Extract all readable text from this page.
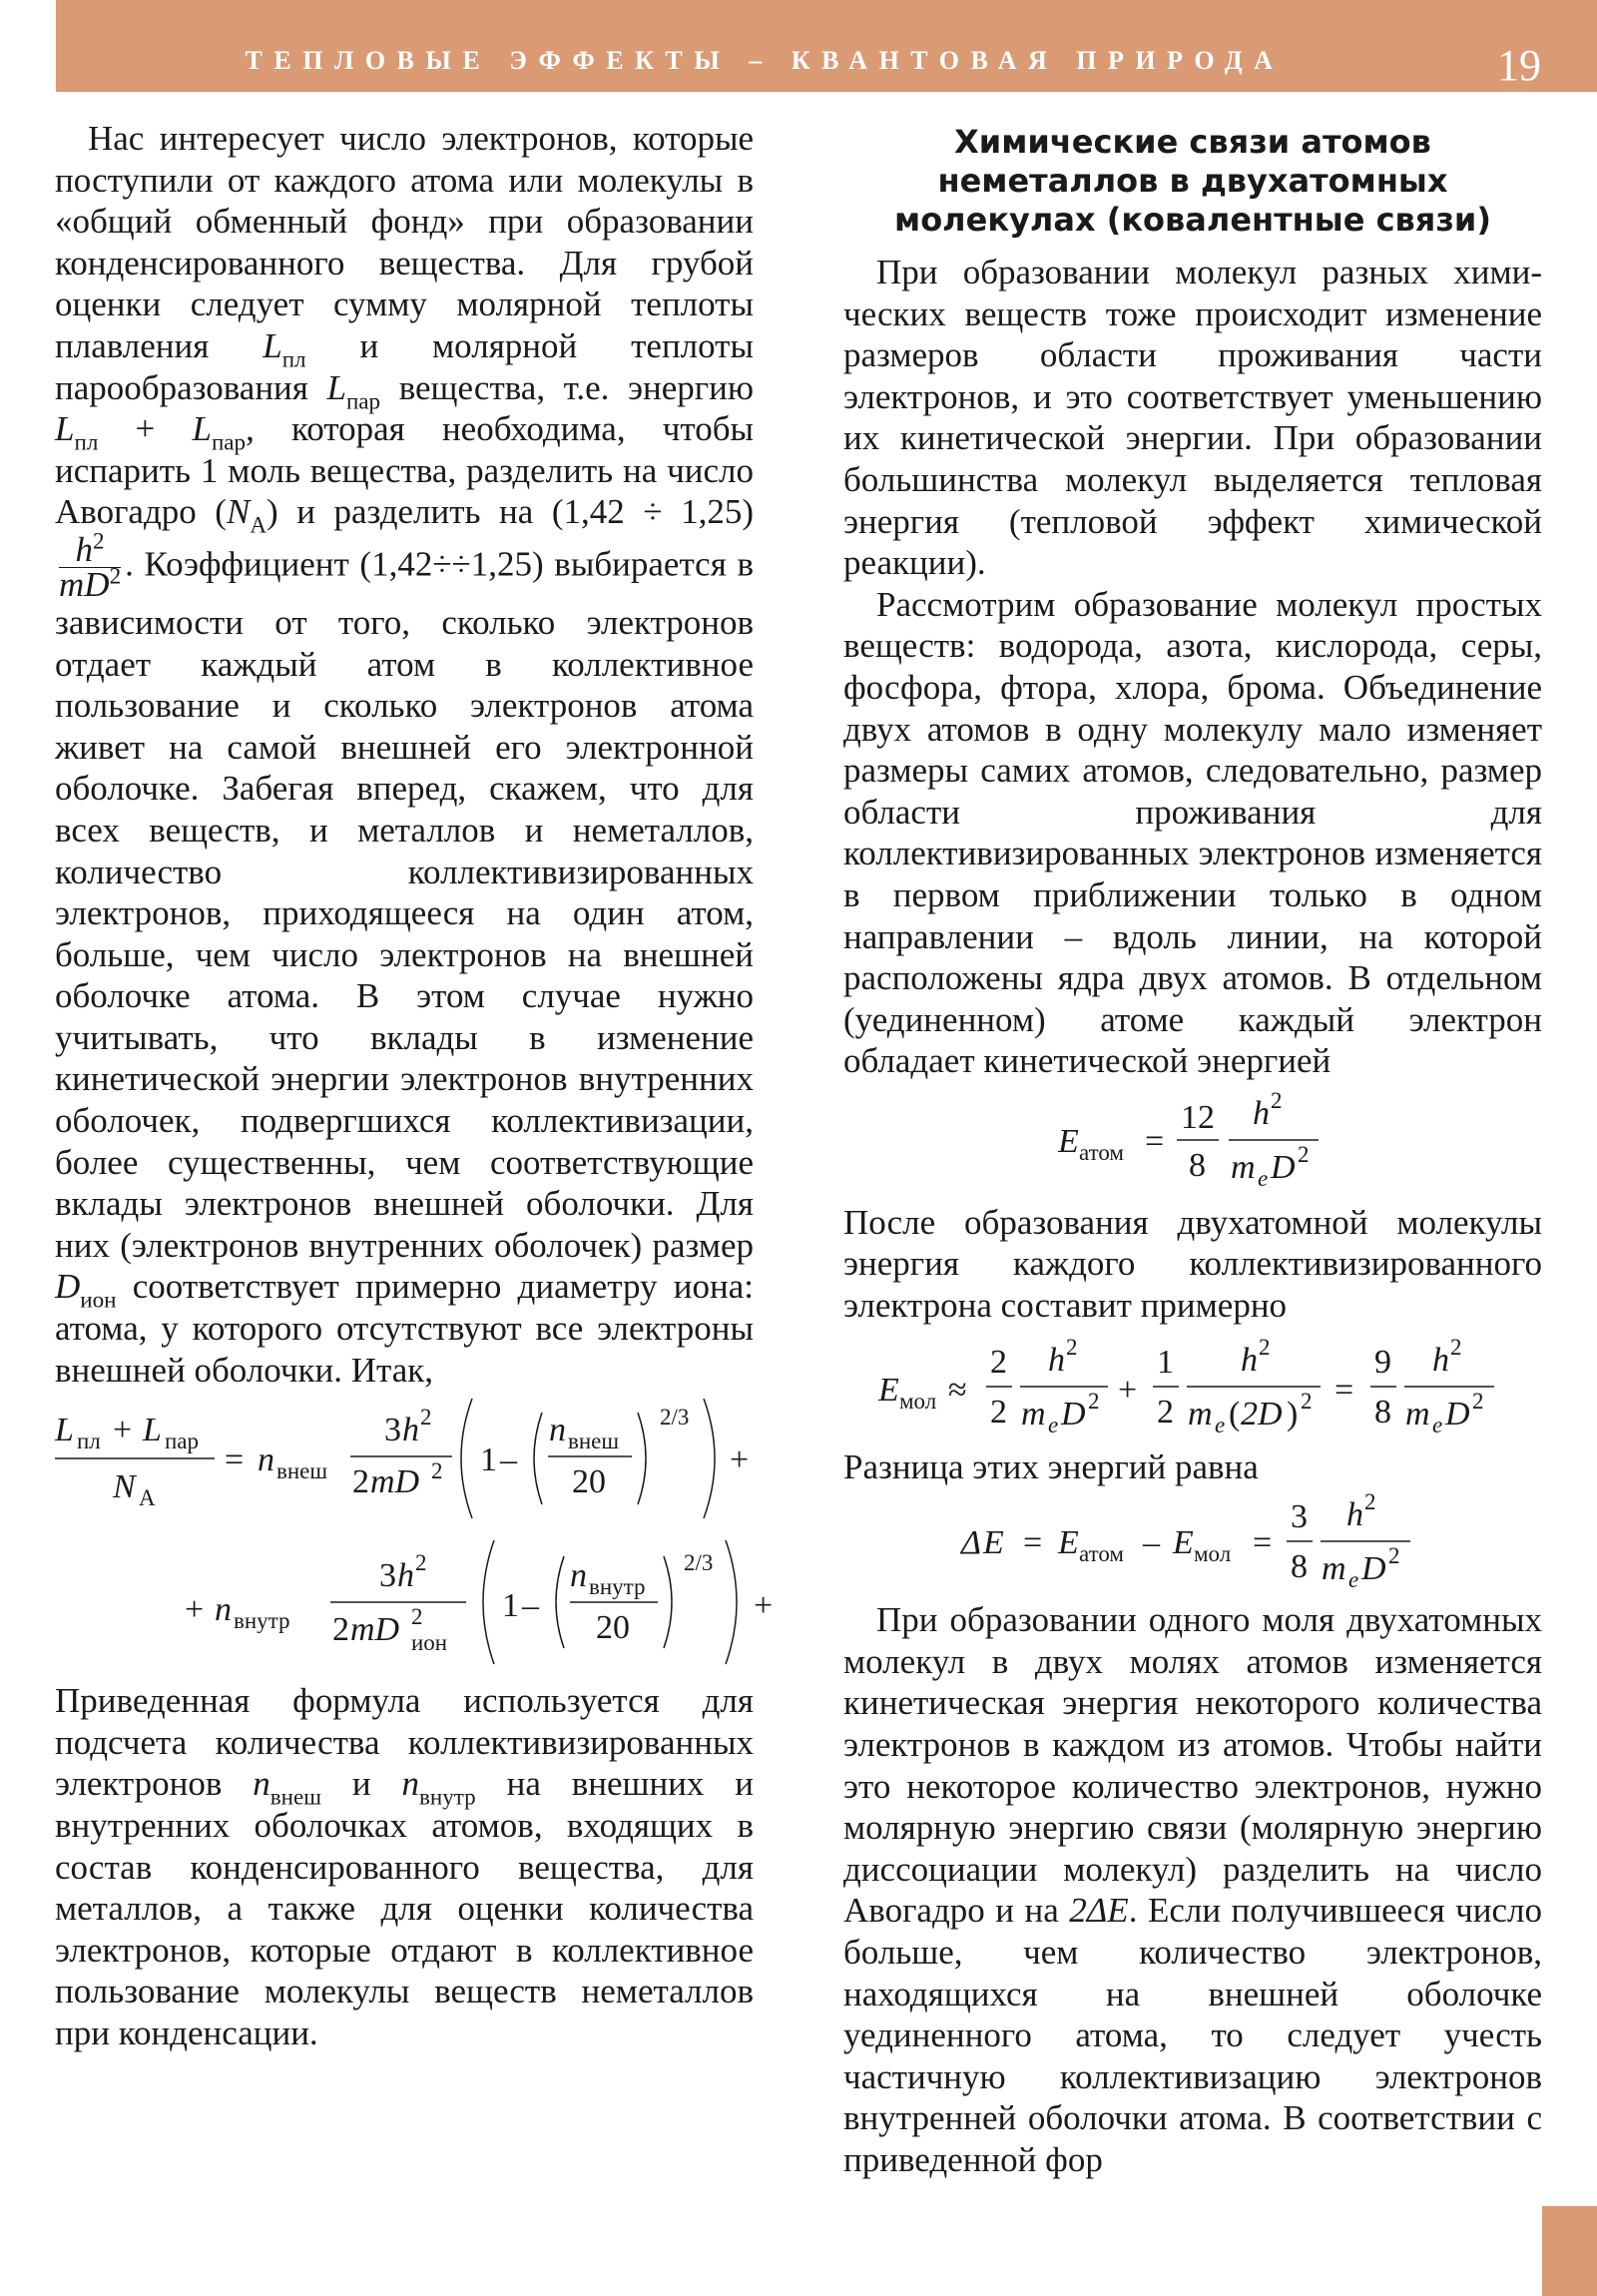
ТЕПЛОВЫЕ ЭФФЕКТЫ – КВАНТОВАЯ ПРИРОДА	19

Нас интересует число электронов, которые поступили от каждого атома или молекулы в «общий обменный фонд» при образовании конденсированного вещества. Для грубой оценки следует сумму молярной теплоты плавления $L_{пл}$ и молярной теплоты парообразования $L_{пар}$ вещества, т.е. энергию $L_{пл} + L_{пар}$, которая необходима, чтобы испарить 1 моль вещества, разделить на число Авогадро $(N_А)$ и разделить на (1,42 ÷ 1,25)
$\frac{h^2}{mD^2}$ . Коэффициент (1,42÷÷1,25) выбирается в зависимости от того, сколько электронов отдает каждый атом в коллективное пользование и сколько электронов атома живет на самой внешней его электронной оболочке. Забегая вперед, скажем, что для всех веществ, и металлов и неметаллов, количество коллективизированных электронов, приходящееся на один атом, больше, чем число электронов на внешней оболочке атома. В этом случае нужно учитывать, что вклады в изменение кинетической энергии электронов внутренних оболочек, подвергшихся коллективизации, более существенны, чем соответствующие вклады электронов внешней оболочки. Для них (электронов внутренних оболочек) размер $D_{ион}$ соответствует примерно диаметру иона: атома, у которого отсутствуют все электроны внешней оболочки. Итак,

L пл + L пар
N А
= n внеш
3 h 2
2 mD 2 1 –
n внеш
20
2/3
+
+ n внутр
3 h 2
2 mD 2
ион
1 –
n внутр
20
2/3
+

Приведенная формула используется для подсчета количества коллективизированных электронов $n_{внеш}$ и $n_{внутр}$ на внешних и внутренних оболочках атомов, входящих в состав конденсированного вещества, для металлов, а также для оценки количества электронов, которые отдают в коллективное пользование молекулы веществ неметаллов при конденсации.

Химические связи атомов неметаллов в двухатомных молекулах (ковалентные связи)

При образовании молекул разных химических веществ тоже происходит изменение размеров области проживания части электронов, и это соответствует уменьшению их кинетической энергии. При образовании большинства молекул выделяется тепловая энергия (тепловой эффект химической реакции).

Рассмотрим образование молекул простых веществ: водорода, азота, кислорода, серы, фосфора, фтора, хлора, брома. Объединение двух атомов в одну молекулу мало изменяет размеры самих атомов, следовательно, размер области проживания для коллективизированных электронов изменяется в первом приближении только в одном направлении – вдоль линии, на которой расположены ядра двух атомов. В отдельном (уединенном) атоме каждый электрон обладает кинетической энергией

E атом =
12
8
h 2
m e D 2

После образования двухатомной молекулы энергия каждого коллективизированного электрона составит примерно

E мол ≈
2
2
h 2
m e D 2 +
1
2
h 2
m e ( 2D ) 2 =
9
8
h 2
m e D 2

Разница этих энергий равна

Δ E = E атом – E мол =
3
8
h 2
m e D 2

При образовании одного моля двухатомных молекул в двух молях атомов изменяется кинетическая энергия некоторого количества электронов в каждом из атомов. Чтобы найти это некоторое количество электронов, нужно молярную энергию связи (молярную энергию диссоциации молекул) разделить на число Авогадро и на 2ΔE. Если получившееся число больше, чем количество электронов, находящихся на внешней оболочке уединенного атома, то следует учесть частичную коллективизацию электронов внутренней оболочки атома. В соответствии с приведенной фор
